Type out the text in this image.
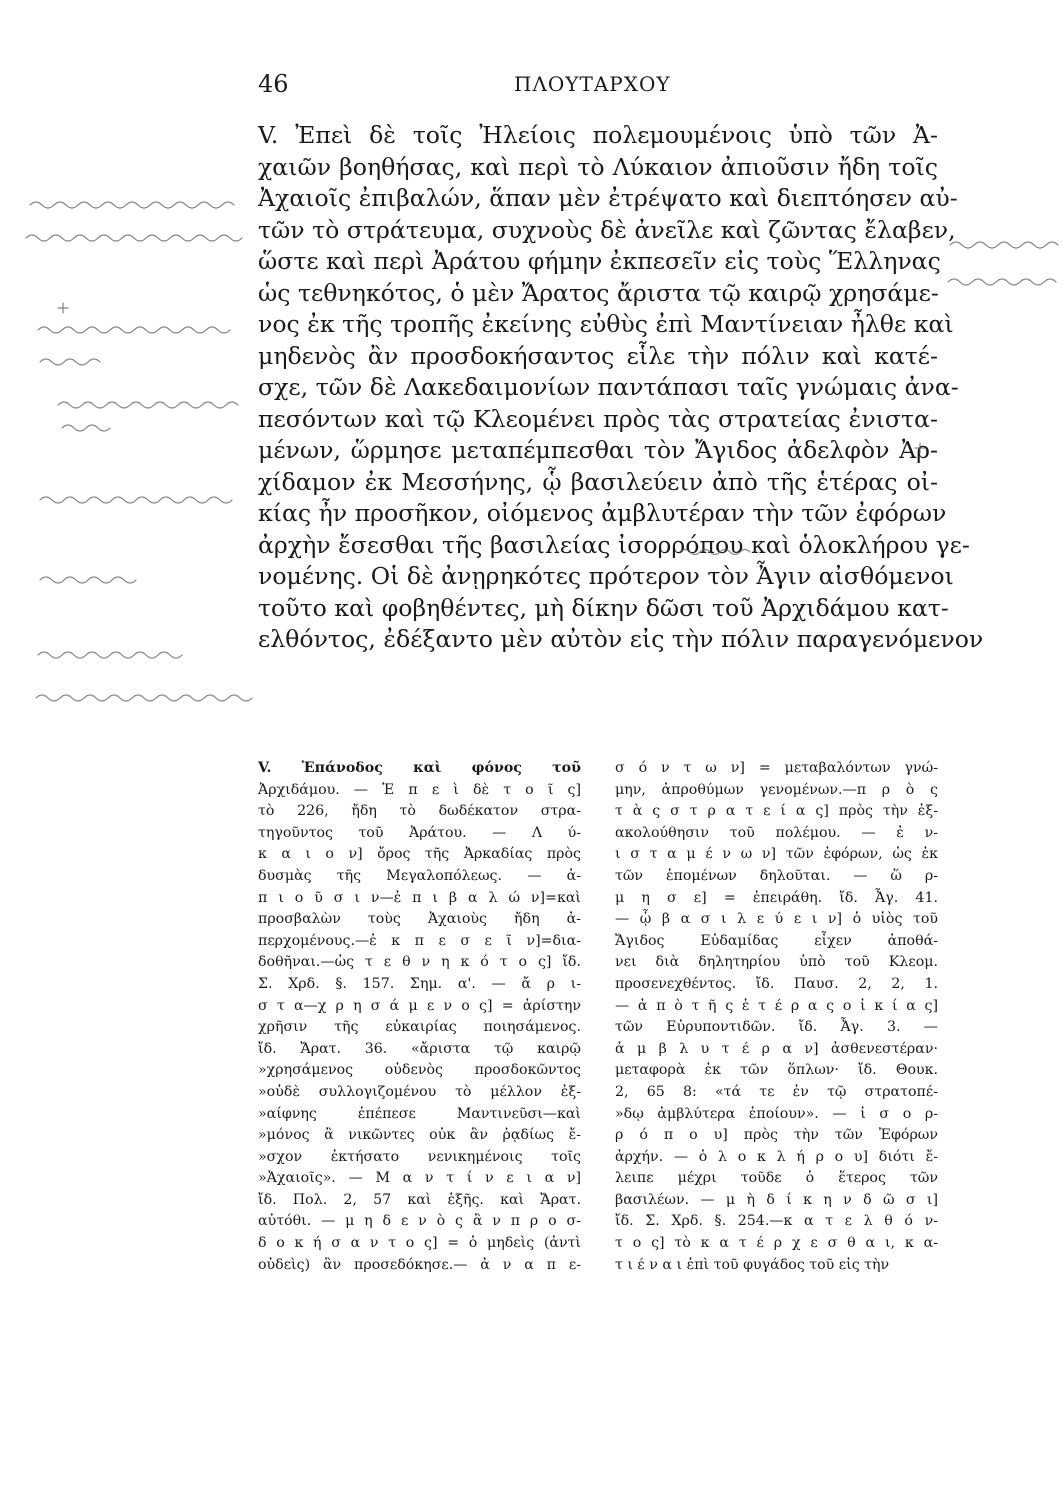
46	ΠΛΟΥΤΑΡΧΟΥ
V. Ἐπεὶ δὲ τοῖς Ἠλείοις πολεμουμένοις ὑπὸ τῶν Ἀ-
χαιῶν βοηθήσας, καὶ περὶ τὸ Λύκαιον ἀπιοῦσιν ἤδη τοῖς
Ἀχαιοῖς ἐπιβαλών, ἅπαν μὲν ἐτρέψατο καὶ διεπτόησεν αὐ-
τῶν τὸ στράτευμα, συχνοὺς δὲ ἀνεῖλε καὶ ζῶντας ἔλαβεν,
ὥστε καὶ περὶ Ἀράτου φήμην ἐκπεσεῖν εἰς τοὺς Ἕλληνας
ὡς τεθνηκότος, ὁ μὲν Ἄρατος ἄριστα τῷ καιρῷ χρησάμε-
νος ἐκ τῆς τροπῆς ἐκείνης εὐθὺς ἐπὶ Μαντίνειαν ἦλθε καὶ
μηδενὸς ἂν προσδοκήσαντος εἷλε τὴν πόλιν καὶ κατέ-
σχε, τῶν δὲ Λακεδαιμονίων παντάπασι ταῖς γνώμαις ἀνα-
πεσόντων καὶ τῷ Κλεομένει πρὸς τὰς στρατείας ἐνιστα-
μένων, ὥρμησε μεταπέμπεσθαι τὸν Ἄγιδος ἀδελφὸν Ἀρ-
χίδαμον ἐκ Μεσσήνης, ᾧ βασιλεύειν ἀπὸ τῆς ἑτέρας οἰ-
κίας ἦν προσῆκον, οἰόμενος ἀμβλυτέραν τὴν τῶν ἐφόρων
ἀρχὴν ἔσεσθαι τῆς βασιλείας ἰσορρόπου καὶ ὁλοκλήρου γε-
νομένης. Οἱ δὲ ἀνῃρηκότες πρότερον τὸν Ἆγιν αἰσθόμενοι
τοῦτο καὶ φοβηθέντες, μὴ δίκην δῶσι τοῦ Ἀρχιδάμου κατ-
ελθόντος, ἐδέξαντο μὲν αὐτὸν εἰς τὴν πόλιν παραγενόμενον
V. Ἐπάνοδος καὶ φόνος τοῦ
Ἀρχιδάμου. — Ἐ π ε ὶ δὲ τ ο ῖ ς]
τὸ 226, ἤδη τὸ δωδέκατον στρα-
τηγοῦντος τοῦ Ἀράτου. — Λ ύ-
κ α ι ο ν] ὄρος τῆς Ἀρκαδίας πρὸς
δυσμὰς τῆς Μεγαλοπόλεως. — ἀ-
π ι ο ῦ σ ι ν—ἐ π ι β α λ ώ ν]=καὶ
προσβαλὼν τοὺς Ἀχαιοὺς ἤδη ἀ-
περχομένους.—ἐ κ π ε σ ε ῖ ν]=δια-
δοθῆναι.—ὡς τ ε θ ν η κ ό τ ο ς] ἴδ.
Σ. Χρδ. §. 157. Σημ. α'. — ἄ ρ ι-
σ τ α—χ ρ η σ ά μ ε ν ο ς] = ἀρίστην
χρῆσιν τῆς εὐκαιρίας ποιησάμενος.
ἴδ. Ἄρατ. 36. «ἄριστα τῷ καιρῷ
»χρησάμενος οὐδενὸς προσδοκῶντος
»οὐδὲ συλλογιζομένου τὸ μέλλον ἐξ-
»αίφνης ἐπέπεσε Μαντινεῦσι—καὶ
»μόνος ἂ νικῶντες οὐκ ἂν ῥᾳδίως ἔ-
»σχον ἐκτήσατο νενικημένοις τοῖς
»Ἀχαιοῖς». — Μ α ν τ ί ν ε ι α ν]
ἴδ. Πολ. 2, 57 καὶ ἑξῆς. καὶ Ἄρατ.
αὐτόθι. — μ η δ ε ν ὸ ς ἂ ν π ρ ο σ-
δ ο κ ή σ α ν τ ο ς] = ὁ μηδεὶς (ἀντὶ
οὐδεὶς) ἂν προσεδόκησε.— ἀ ν α π ε-
σ ό ν τ ω ν] = μεταβαλόντων γνώ-
μην, ἀπροθύμων γενομένων.—π ρ ὸ ς
τ ὰ ς σ τ ρ α τ ε ί α ς] πρὸς τὴν ἐξ-
ακολούθησιν τοῦ πολέμου. — ἐ ν-
ι σ τ α μ έ ν ω ν] τῶν ἐφόρων, ὡς ἐκ
τῶν ἑπομένων δηλοῦται. — ὥ ρ-
μ η σ ε] = ἐπειράθη. ἴδ. Ἆγ. 41.
— ᾧ β α σ ι λ ε ύ ε ι ν] ὁ υἱὸς τοῦ
Ἄγιδος Εὐδαμίδας εἶχεν ἀποθά-
νει διὰ δηλητηρίου ὑπὸ τοῦ Κλεομ.
προσενεχθέντος. ἴδ. Παυσ. 2, 2, 1.
— ἀ π ὸ τ ῆ ς ἑ τ έ ρ α ς ο ἰ κ ί α ς]
τῶν Εὐρυποντιδῶν. ἴδ. Ἆγ. 3. —
ἀ μ β λ υ τ έ ρ α ν] ἀσθενεστέραν·
μεταφορὰ ἐκ τῶν ὅπλων· ἴδ. Θουκ.
2, 65 8: «τά τε ἐν τῷ στρατοπέ-
»δῳ ἀμβλύτερα ἐποίουν». — ἰ σ ο ρ-
ρ ό π ο υ] πρὸς τὴν τῶν Ἐφόρων
ἀρχήν. — ὁ λ ο κ λ ή ρ ο υ] διότι ἔ-
λειπε μέχρι τοῦδε ὁ ἕτερος τῶν
βασιλέων. — μ ὴ δ ί κ η ν δ ῶ σ ι]
ἴδ. Σ. Χρδ. §. 254.—κ α τ ε λ θ ό ν-
τ ο ς] τὸ κ α τ έ ρ χ ε σ θ α ι, κ α-
τ ι έ ν α ι ἐπὶ τοῦ φυγάδος τοῦ εἰς τὴν
